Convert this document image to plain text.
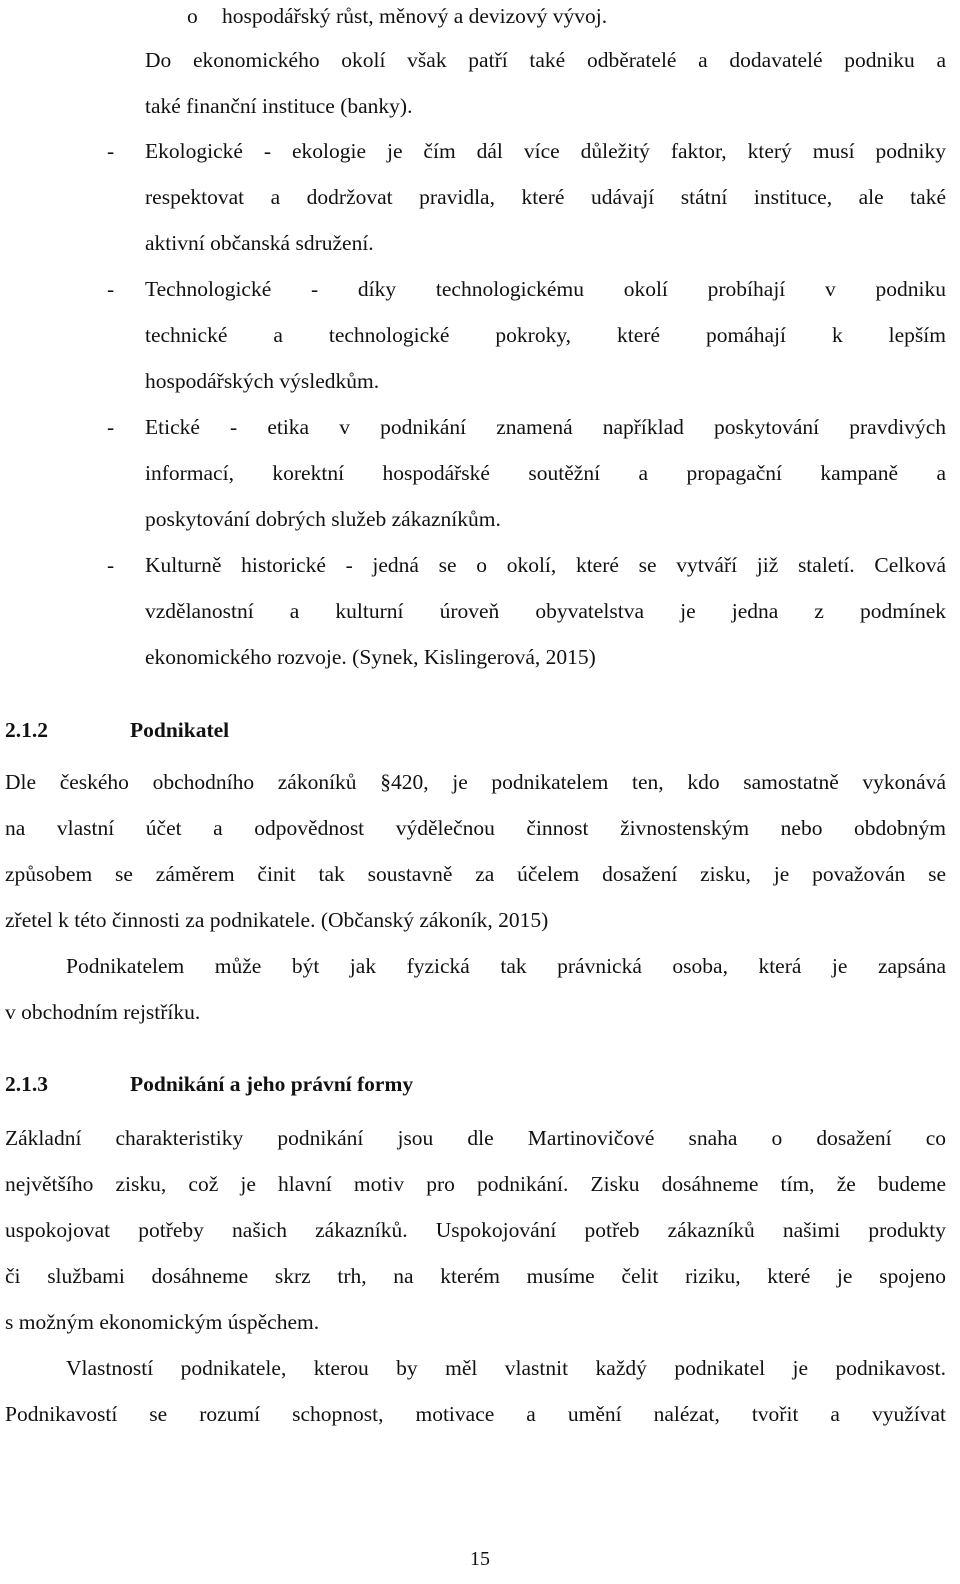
o hospodářský růst, měnový a devizový vývoj.
Do ekonomického okolí však patří také odběratelé a dodavatelé podniku a
také finanční instituce (banky).
- Ekologické - ekologie je čím dál více důležitý faktor, který musí podniky
respektovat a dodržovat pravidla, které udávají státní instituce, ale také
aktivní občanská sdružení.
- Technologické - díky technologickému okolí probíhají v podniku
technické a technologické pokroky, které pomáhají k lepším
hospodářských výsledkům.
- Etické - etika v podnikání znamená například poskytování pravdivých
informací, korektní hospodářské soutěžní a propagační kampaně a
poskytování dobrých služeb zákazníkům.
- Kulturně historické - jedná se o okolí, které se vytváří již staletí. Celková
vzdělanostní a kulturní úroveň obyvatelstva je jedna z podmínek
ekonomického rozvoje. (Synek, Kislingerová, 2015)
2.1.2	Podnikatel
Dle českého obchodního zákoníků §420, je podnikatelem ten, kdo samostatně vykonává
na vlastní účet a odpovědnost výdělečnou činnost živnostenským nebo obdobným
způsobem se záměrem činit tak soustavně za účelem dosažení zisku, je považován se
zřetel k této činnosti za podnikatele. (Občanský zákoník, 2015)
Podnikatelem může být jak fyzická tak právnická osoba, která je zapsána
v obchodním rejstříku.
2.1.3	Podnikání a jeho právní formy
Základní charakteristiky podnikání jsou dle Martinovičové snaha o dosažení co
největšího zisku, což je hlavní motiv pro podnikání. Zisku dosáhneme tím, že budeme
uspokojovat potřeby našich zákazníků. Uspokojování potřeb zákazníků našimi produkty
či službami dosáhneme skrz trh, na kterém musíme čelit riziku, které je spojeno
s možným ekonomickým úspěchem.
Vlastností podnikatele, kterou by měl vlastnit každý podnikatel je podnikavost.
Podnikavostí se rozumí schopnost, motivace a umění nalézat, tvořit a využívat
15
